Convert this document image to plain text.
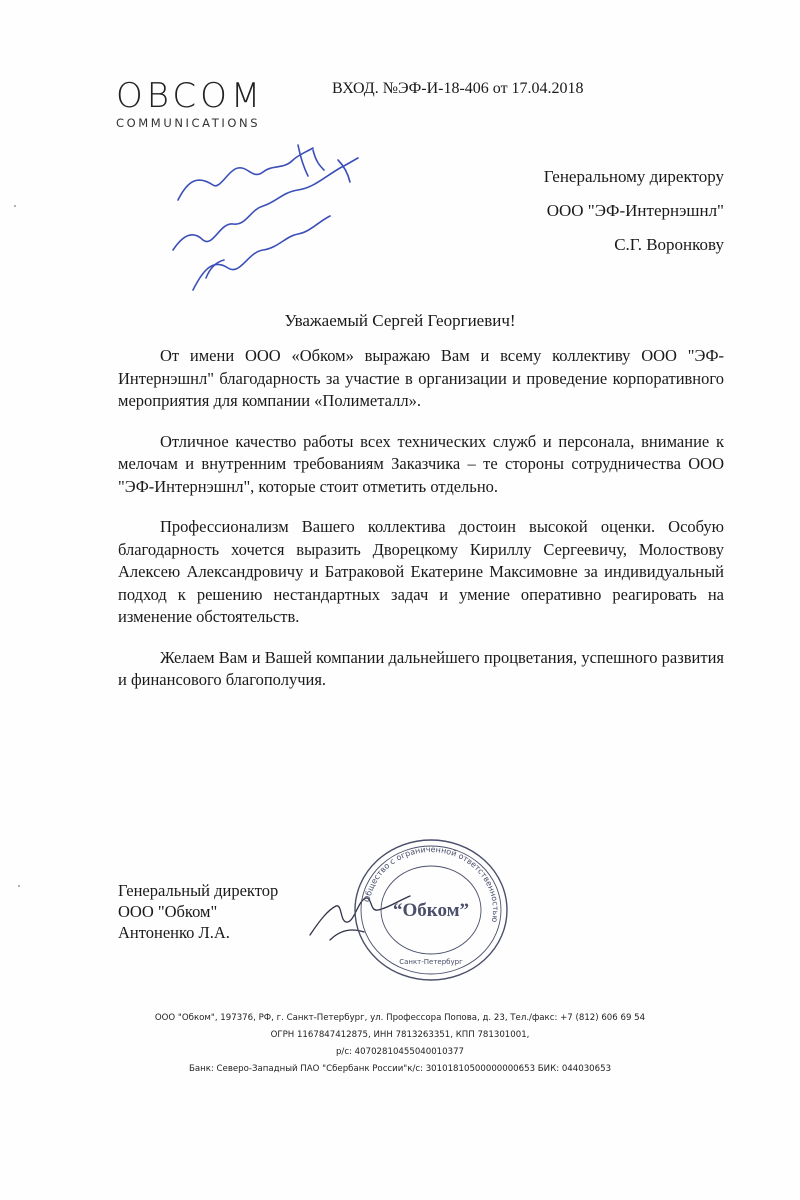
OBCOM
COMMUNICATIONS
ВХОД. №ЭФ-И-18-406 от 17.04.2018
Генеральному директору
ООО "ЭФ-Интернэшнл"
С.Г. Воронкову
Уважаемый Сергей Георгиевич!

От имени ООО «Обком» выражаю Вам и всему коллективу ООО "ЭФ-Интернэшнл" благодарность за участие в организации и проведение корпоративного мероприятия для компании «Полиметалл».

Отличное качество работы всех технических служб и персонала, внимание к мелочам и внутренним требованиям Заказчика – те стороны сотрудничества ООО "ЭФ-Интернэшнл", которые стоит отметить отдельно.

Профессионализм Вашего коллектива достоин высокой оценки. Особую благодарность хочется выразить Дворецкому Кириллу Сергеевичу, Молоствову Алексею Александровичу и Батраковой Екатерине Максимовне за индивидуальный подход к решению нестандартных задач и умение оперативно реагировать на изменение обстоятельств.

Желаем Вам и Вашей компании дальнейшего процветания, успешного развития и финансового благополучия.

Генеральный директор
ООО "Обком"
Антоненко Л.А.
Общество с ограниченной ответственностью
“Обком”
Санкт-Петербург
ООО "Обком", 197376, РФ, г. Санкт-Петербург, ул. Профессора Попова, д. 23, Тел./факс: +7 (812) 606 69 54
ОГРН 1167847412875, ИНН 7813263351, КПП 781301001,
р/с: 40702810455040010377
Банк: Северо-Западный ПАО "Сбербанк России"к/с: 30101810500000000653 БИК: 044030653
